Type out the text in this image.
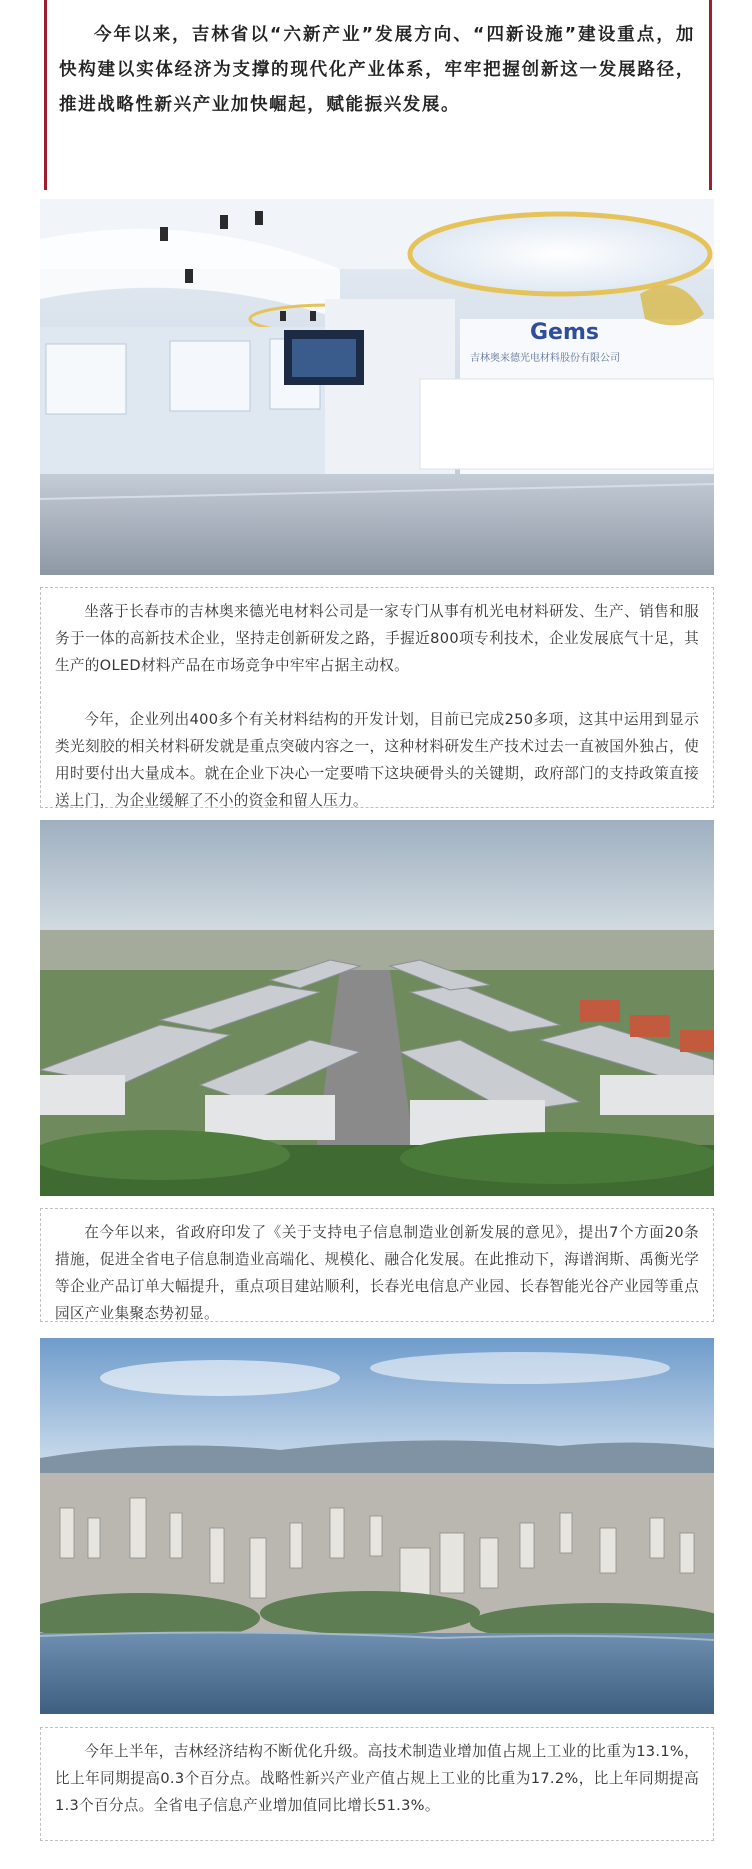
今年以来，吉林省以“六新产业”发展方向、“四新设施”建设重点，加快构建以实体经济为支撑的现代化产业体系，牢牢把握创新这一发展路径，推进战略性新兴产业加快崛起，赋能振兴发展。

Gems
吉林奥来德光电材料股份有限公司

坐落于长春市的吉林奥来德光电材料公司是一家专门从事有机光电材料研发、生产、销售和服务于一体的高新技术企业，坚持走创新研发之路，手握近800项专利技术，企业发展底气十足，其生产的OLED材料产品在市场竞争中牢牢占据主动权。

今年，企业列出400多个有关材料结构的开发计划，目前已完成250多项，这其中运用到显示类光刻胶的相关材料研发就是重点突破内容之一，这种材料研发生产技术过去一直被国外独占，使用时要付出大量成本。就在企业下决心一定要啃下这块硬骨头的关键期，政府部门的支持政策直接送上门，为企业缓解了不小的资金和留人压力。

在今年以来，省政府印发了《关于支持电子信息制造业创新发展的意见》，提出7个方面20条措施，促进全省电子信息制造业高端化、规模化、融合化发展。在此推动下，海谱润斯、禹衡光学等企业产品订单大幅提升，重点项目建站顺利，长春光电信息产业园、长春智能光谷产业园等重点园区产业集聚态势初显。

今年上半年，吉林经济结构不断优化升级。高技术制造业增加值占规上工业的比重为13.1%，比上年同期提高0.3个百分点。战略性新兴产业产值占规上工业的比重为17.2%，比上年同期提高1.3个百分点。全省电子信息产业增加值同比增长51.3%。
